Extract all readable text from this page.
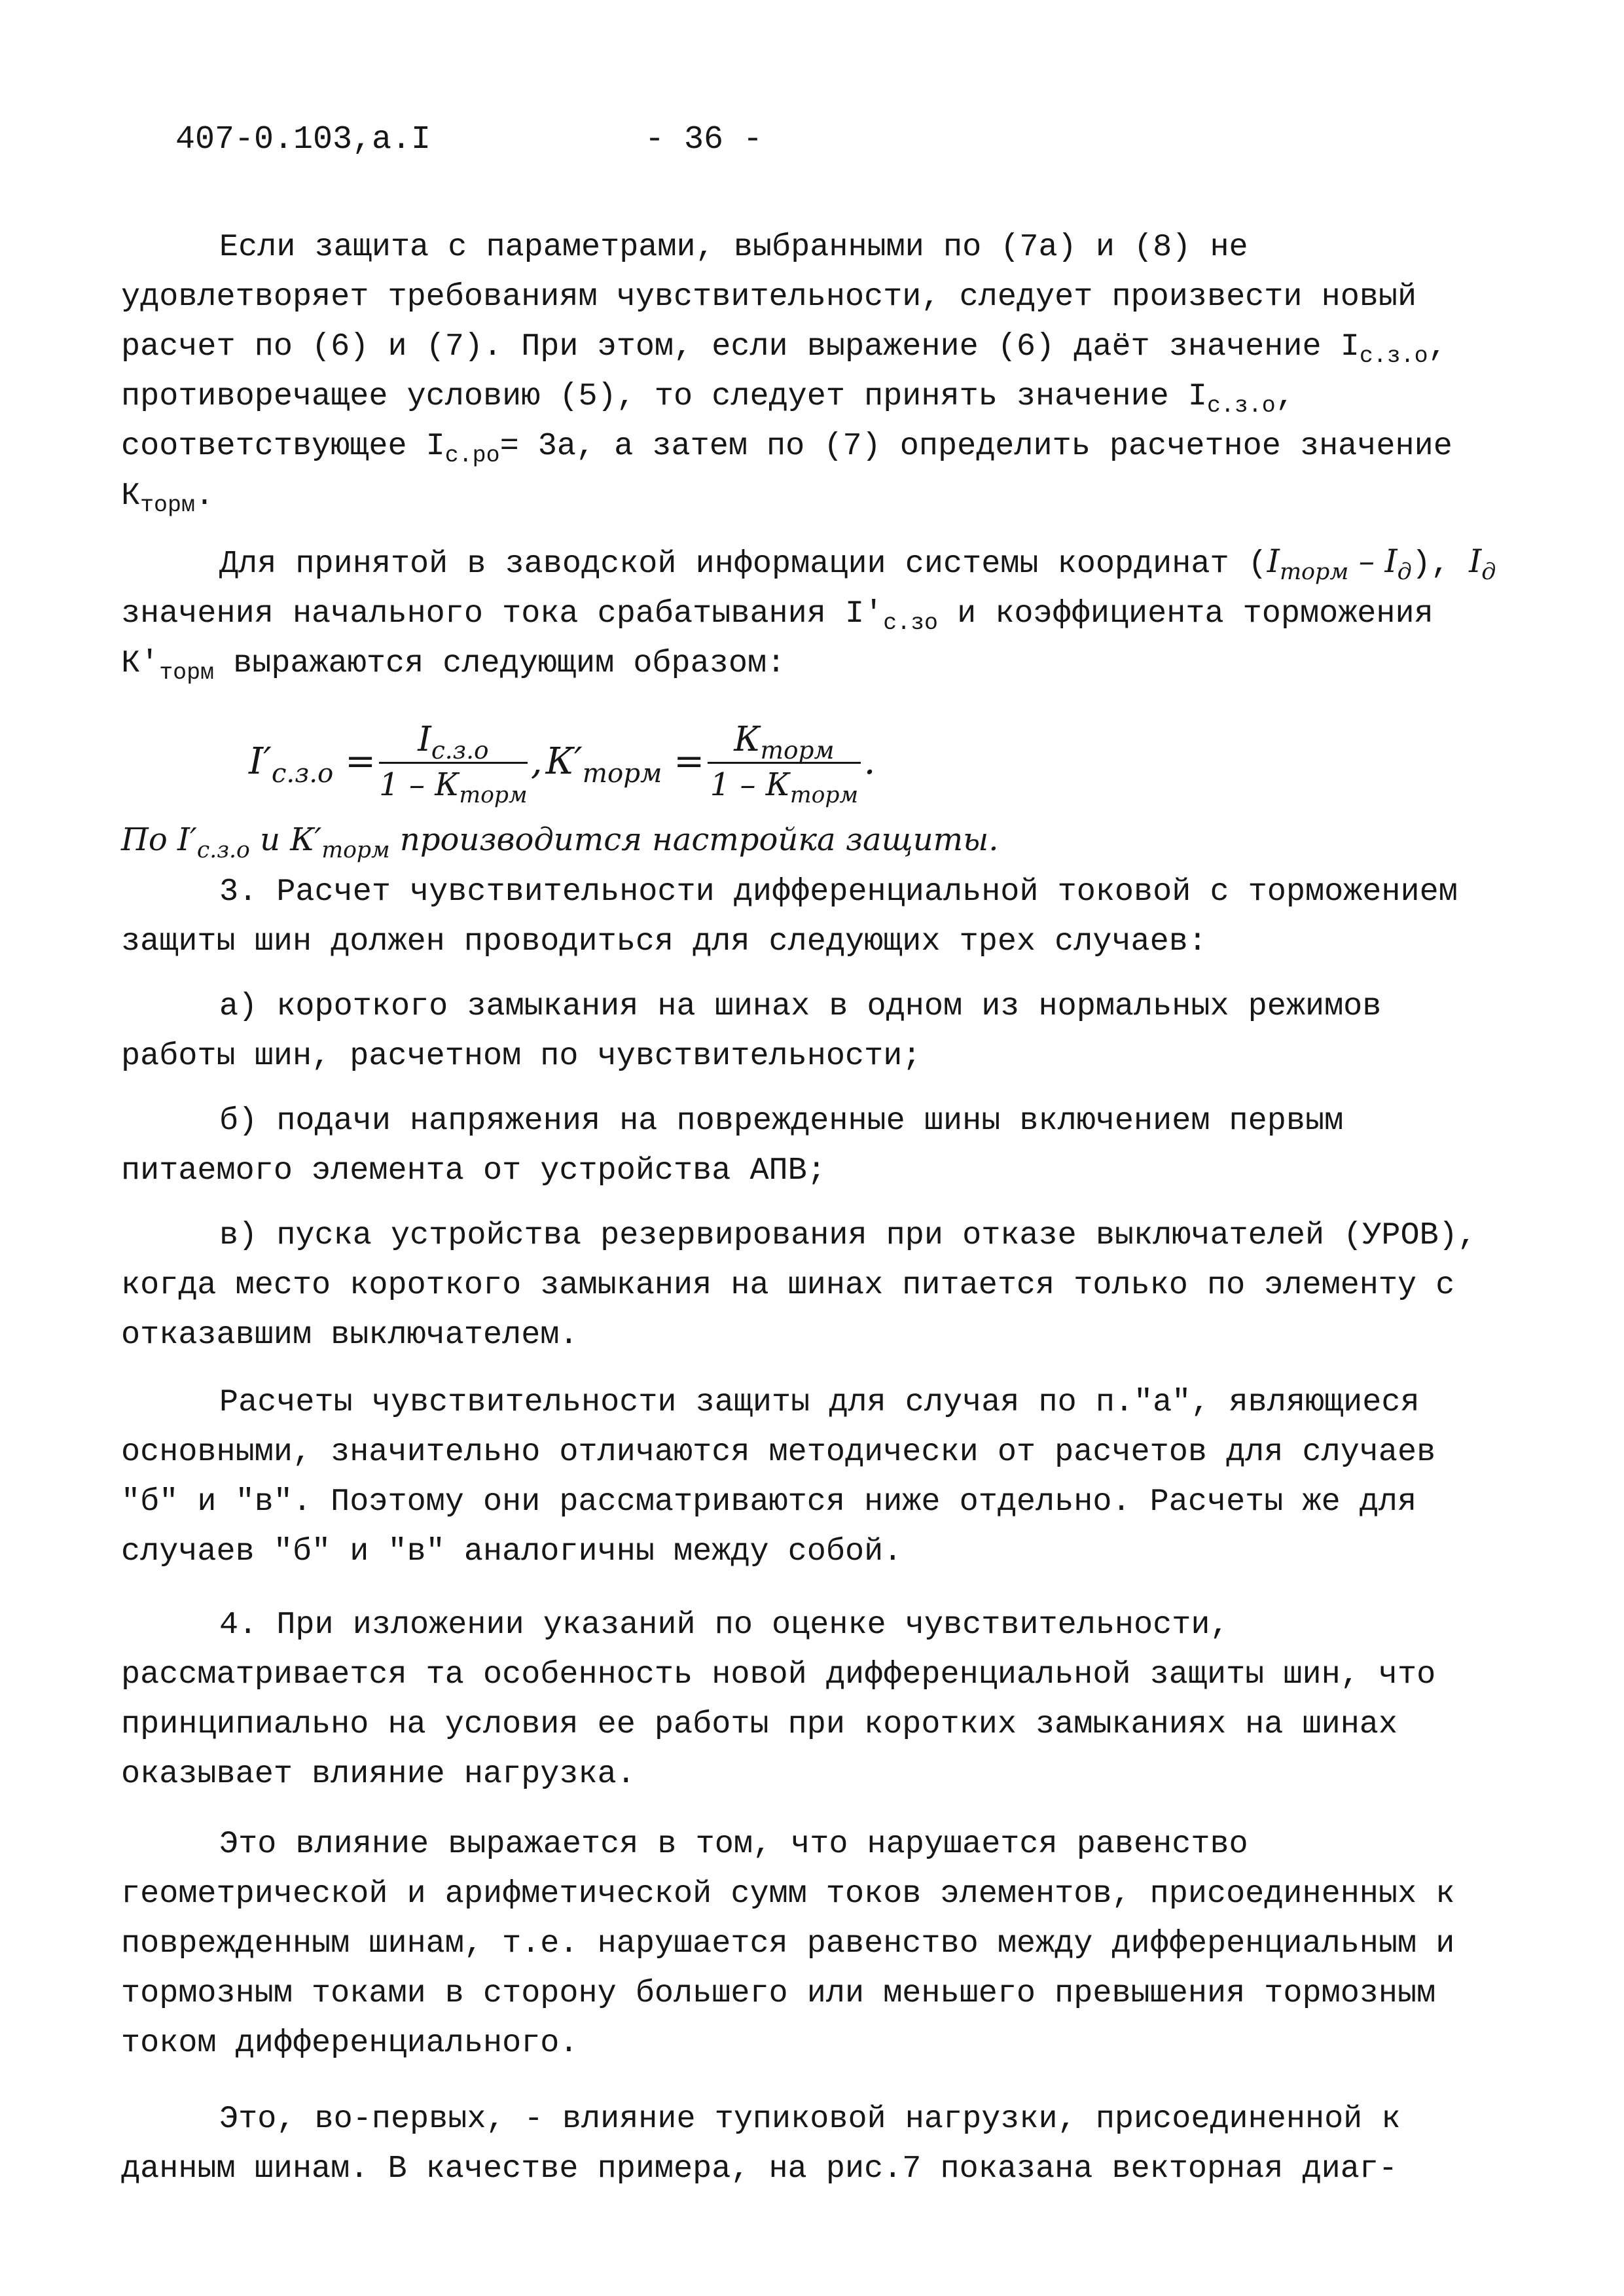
407-0.103,а.I	- 36 -

Если защита с параметрами, выбранными по (7а) и (8) не удовлетворяет требованиям чувствительности, следует произвести новый расчет по (6) и (7). При этом, если выражение (6) даёт значение $I_{с.з.о}$, противоречащее условию (5), то следует принять значение $I_{с.з.о}$, соответствующее $I_{с.ро}= 3а$, а затем по (7) определить расчетное значение $К_{торм}$.

Для принятой в заводской информации системы координат $(I_{торм} - I_д)$, $I_д$ значения начального тока срабатывания $I'_{с.зо}$ и коэффициента торможения $К'_{торм}$ выражаются следующим образом:

$I'_{с.з.о} = \frac{I_{с.з.о}}{1 - К_{торм}}$ , $К'_{торм} = \frac{К_{торм}}{1 - К_{торм}}$ .
По $I'_{с.з.о}$ и $К'_{торм}$ производится настройка защиты.

3. Расчет чувствительности дифференциальной токовой с торможением защиты шин должен проводиться для следующих трех случаев:

а) короткого замыкания на шинах в одном из нормальных режимов работы шин, расчетном по чувствительности;

б) подачи напряжения на поврежденные шины включением первым питаемого элемента от устройства АПВ;

в) пуска устройства резервирования при отказе выключателей (УРОВ), когда место короткого замыкания на шинах питается только по элементу с отказавшим выключателем.

Расчеты чувствительности защиты для случая по п."а", являющиеся основными, значительно отличаются методически от расчетов для случаев "б" и "в". Поэтому они рассматриваются ниже отдельно. Расчеты же для случаев "б" и "в" аналогичны между собой.

4. При изложении указаний по оценке чувствительности, рассматривается та особенность новой дифференциальной защиты шин, что принципиально на условия ее работы при коротких замыканиях на шинах оказывает влияние нагрузка.

Это влияние выражается в том, что нарушается равенство геометрической и арифметической сумм токов элементов, присоединенных к поврежденным шинам, т.е. нарушается равенство между дифференциальным и тормозным токами в сторону большего или меньшего превышения тормозным током дифференциального.

Это, во-первых, - влияние тупиковой нагрузки, присоединенной к данным шинам. В качестве примера, на рис.7 показана векторная диаг-
